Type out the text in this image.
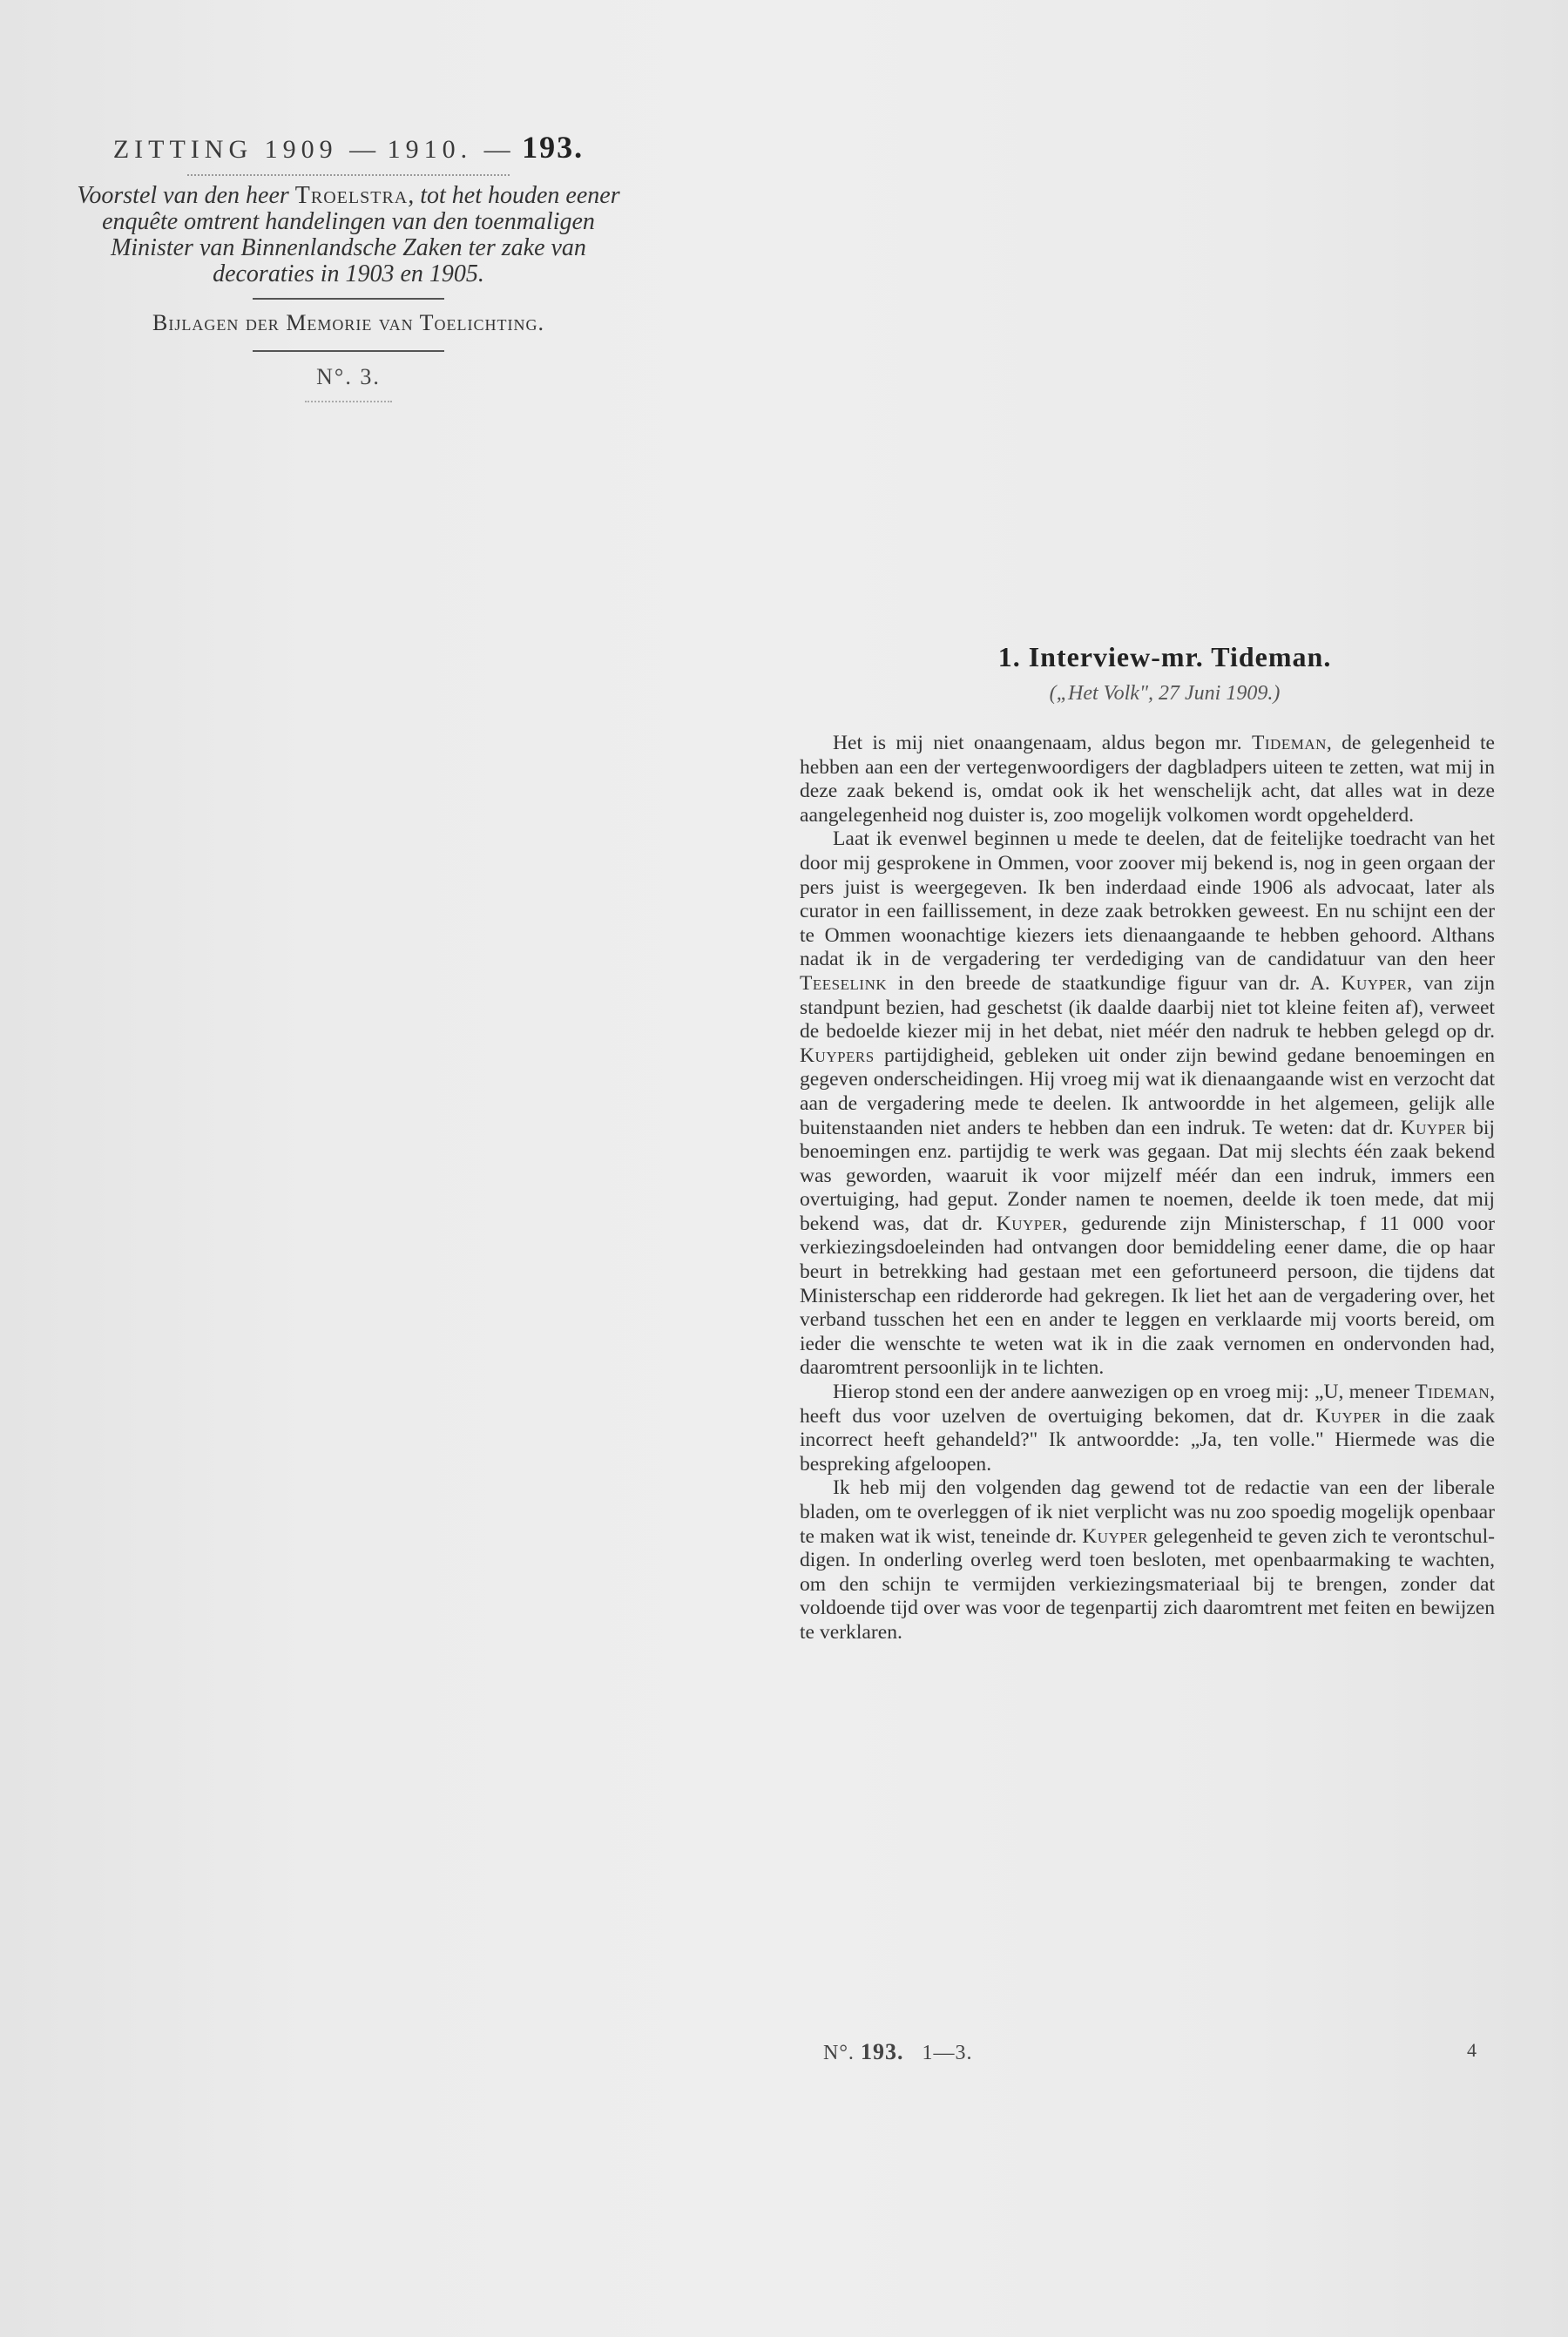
ZITTING 1909 — 1910. — 193.
Voorstel van den heer Troelstra, tot het houden eener enquête omtrent handelingen van den toenmaligen Minister van Binnenlandsche Zaken ter zake van decoraties in 1903 en 1905.
Bijlagen der Memorie van Toelichting.
N°. 3.
1. Interview-mr. Tideman.
(„Het Volk", 27 Juni 1909.)

Het is mij niet onaangenaam, aldus begon mr. Tideman, de gelegenheid te hebben aan een der vertegenwoordigers der dagbladpers uiteen te zetten, wat mij in deze zaak bekend is, omdat ook ik het wenschelijk acht, dat alles wat in deze aangelegenheid nog duister is, zoo mogelijk volkomen wordt opgehelderd.

Laat ik evenwel beginnen u mede te deelen, dat de feitelijke toedracht van het door mij gesprokene in Ommen, voor zoover mij bekend is, nog in geen orgaan der pers juist is weergegeven. Ik ben inderdaad einde 1906 als advocaat, later als curator in een faillissement, in deze zaak betrokken geweest. En nu schijnt een der te Ommen woonachtige kiezers iets dienaangaande te hebben gehoord. Althans nadat ik in de vergadering ter verdediging van de candidatuur van den heer Teeselink in den breede de staatkundige figuur van dr. A. Kuyper, van zijn standpunt bezien, had geschetst (ik daalde daarbij niet tot kleine feiten af), verweet de bedoelde kiezer mij in het debat, niet méér den nadruk te hebben gelegd op dr. Kuypers partijdigheid, gebleken uit onder zijn bewind gedane benoemingen en gegeven onderscheidingen. Hij vroeg mij wat ik dienaangaande wist en verzocht dat aan de vergadering mede te deelen. Ik antwoordde in het algemeen, gelijk alle buitenstaanden niet anders te hebben dan een indruk. Te weten: dat dr. Kuyper bij benoemingen enz. partijdig te werk was gegaan. Dat mij slechts één zaak bekend was geworden, waaruit ik voor mijzelf méér dan een indruk, immers een overtuiging, had geput. Zonder namen te noemen, deelde ik toen mede, dat mij bekend was, dat dr. Kuyper, gedurende zijn Ministerschap, f 11 000 voor verkiezingsdoeleinden had ontvangen door bemiddeling eener dame, die op haar beurt in betrekking had gestaan met een gefortuneerd persoon, die tijdens dat Ministerschap een ridderorde had gekregen. Ik liet het aan de vergadering over, het verband tusschen het een en ander te leggen en verklaarde mij voorts bereid, om ieder die wenschte te weten wat ik in die zaak vernomen en ondervonden had, daaromtrent persoonlijk in te lichten.

Hierop stond een der andere aanwezigen op en vroeg mij: „U, meneer Tideman, heeft dus voor uzelven de overtuiging bekomen, dat dr. Kuyper in die zaak incorrect heeft gehandeld?" Ik antwoordde: „Ja, ten volle." Hiermede was die bespreking afgeloopen.

Ik heb mij den volgenden dag gewend tot de redactie van een der liberale bladen, om te overleggen of ik niet verplicht was nu zoo spoedig mogelijk openbaar te maken wat ik wist, teneinde dr. Kuyper gelegenheid te geven zich te verontschuldigen. In onderling overleg werd toen besloten, met openbaarmaking te wachten, om den schijn te vermijden verkiezingsmateriaal bij te brengen, zonder dat voldoende tijd over was voor de tegenpartij zich daaromtrent met feiten en bewijzen te verklaren.

N°. 193. 1—3.	4
